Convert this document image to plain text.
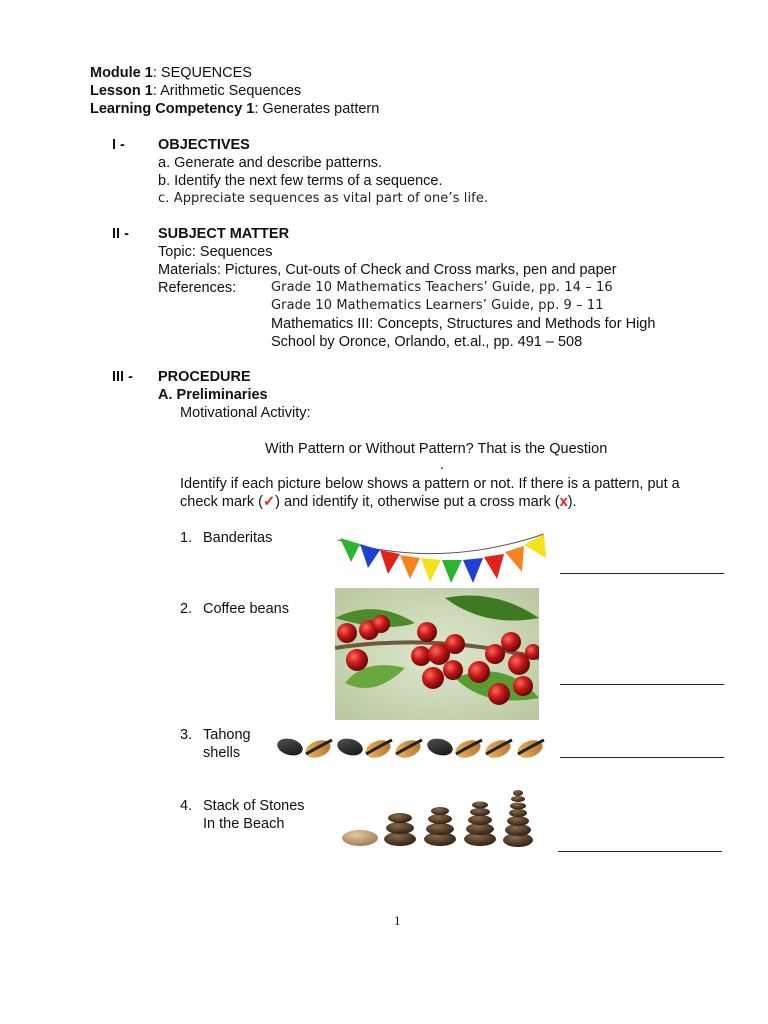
Module 1: SEQUENCES
Lesson 1: Arithmetic Sequences
Learning Competency 1: Generates pattern
I - OBJECTIVES
a. Generate and describe patterns.
b. Identify the next few terms of a sequence.
c. Appreciate sequences as vital part of one’s life.
II - SUBJECT MATTER
Topic: Sequences
Materials: Pictures, Cut-outs of Check and Cross marks, pen and paper
References:	Grade 10 Mathematics Teachers’ Guide, pp. 14 – 16
Grade 10 Mathematics Learners’ Guide, pp. 9 – 11
Mathematics III: Concepts, Structures and Methods for High
School by Oronce, Orlando, et.al., pp. 491 – 508
III - PROCEDURE
A. Preliminaries
Motivational Activity:
With Pattern or Without Pattern? That is the Question
.
Identify if each picture below shows a pattern or not. If there is a pattern, put a
check mark (✓) and identify it, otherwise put a cross mark (x).
1. Banderitas
2. Coffee beans
3. Tahong
shells
4. Stack of Stones
In the Beach
1
